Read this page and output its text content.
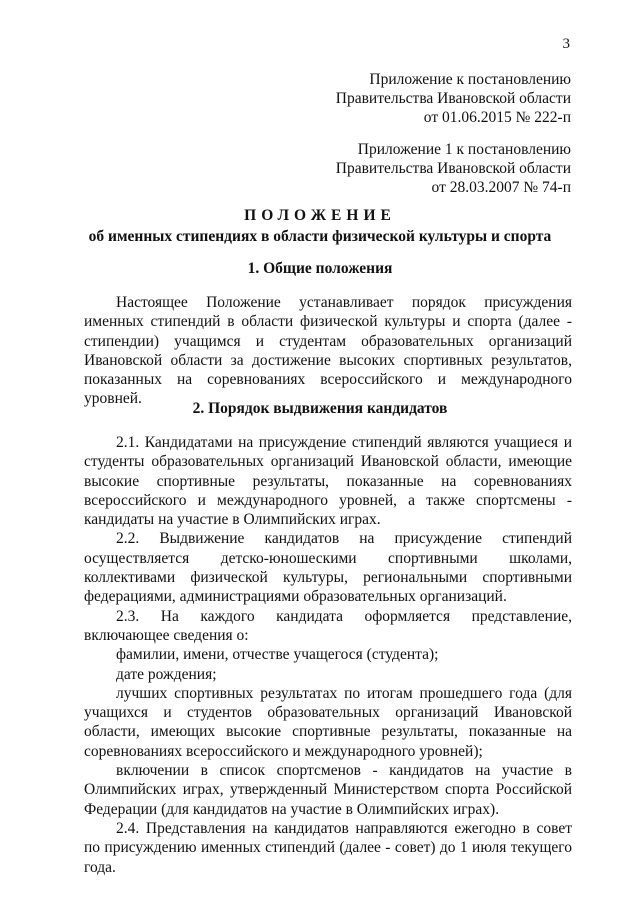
3
Приложение к постановлению
Правительства Ивановской области
от 01.06.2015 № 222-п
Приложение 1 к постановлению
Правительства Ивановской области
от 28.03.2007 № 74-п
ПОЛОЖЕНИЕ
об именных стипендиях в области физической культуры и спорта
1. Общие положения

Настоящее Положение устанавливает порядок присуждения именных стипендий в области физической культуры и спорта (далее - стипендии) учащимся и студентам образовательных организаций Ивановской области за достижение высоких спортивных результатов, показанных на соревнованиях всероссийского и международного уровней.

2. Порядок выдвижения кандидатов

2.1. Кандидатами на присуждение стипендий являются учащиеся и студенты образовательных организаций Ивановской области, имеющие высокие спортивные результаты, показанные на соревнованиях всероссийского и международного уровней, а также спортсмены - кандидаты на участие в Олимпийских играх.

2.2. Выдвижение кандидатов на присуждение стипендий осуществляется детско-юношескими спортивными школами, коллективами физической культуры, региональными спортивными федерациями, администрациями образовательных организаций.

2.3. На каждого кандидата оформляется представление, включающее сведения о:

фамилии, имени, отчестве учащегося (студента);

дате рождения;

лучших спортивных результатах по итогам прошедшего года (для учащихся и студентов образовательных организаций Ивановской области, имеющих высокие спортивные результаты, показанные на соревнованиях всероссийского и международного уровней);

включении в список спортсменов - кандидатов на участие в Олимпийских играх, утвержденный Министерством спорта Российской Федерации (для кандидатов на участие в Олимпийских играх).

2.4. Представления на кандидатов направляются ежегодно в совет по присуждению именных стипендий (далее - совет) до 1 июля текущего года.
